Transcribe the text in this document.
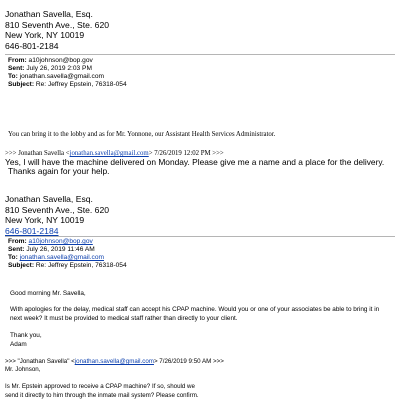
Jonathan Savella, Esq.
810 Seventh Ave., Ste. 620
New York, NY 10019
646-801-2184
From: a10johnson@bop.gov
Sent: July 26, 2019 2:03 PM
To: jonathan.savella@gmail.com
Subject: Re: Jeffrey Epstein, 76318-054
You can bring it to the lobby and as for Mr. Yonnone, our Assistant Health Services Administrator.
>>> Jonathan Savella <jonathan.savella@gmail.com> 7/26/2019 12:02 PM >>>
Yes, I will have the machine delivered on Monday. Please give me a name and a place for the delivery.
Thanks again for your help.
Jonathan Savella, Esq.
810 Seventh Ave., Ste. 620
New York, NY 10019
646-801-2184
From: a10johnson@bop.gov
Sent: July 26, 2019 11:46 AM
To: jonathan.savella@gmail.com
Subject: Re: Jeffrey Epstein, 76318-054
Good morning Mr. Savella,
With apologies for the delay, medical staff can accept his CPAP machine. Would you or one of your associates be able to bring it in
next week? It must be provided to medical staff rather than directly to your client.
Thank you,
Adam
>>> "Jonathan Savella" <jonathan.savella@gmail.com> 7/26/2019 9:50 AM >>>
Mr. Johnson,
Is Mr. Epstein approved to receive a CPAP machine? If so, should we
send it directly to him through the inmate mail system? Please confirm.
